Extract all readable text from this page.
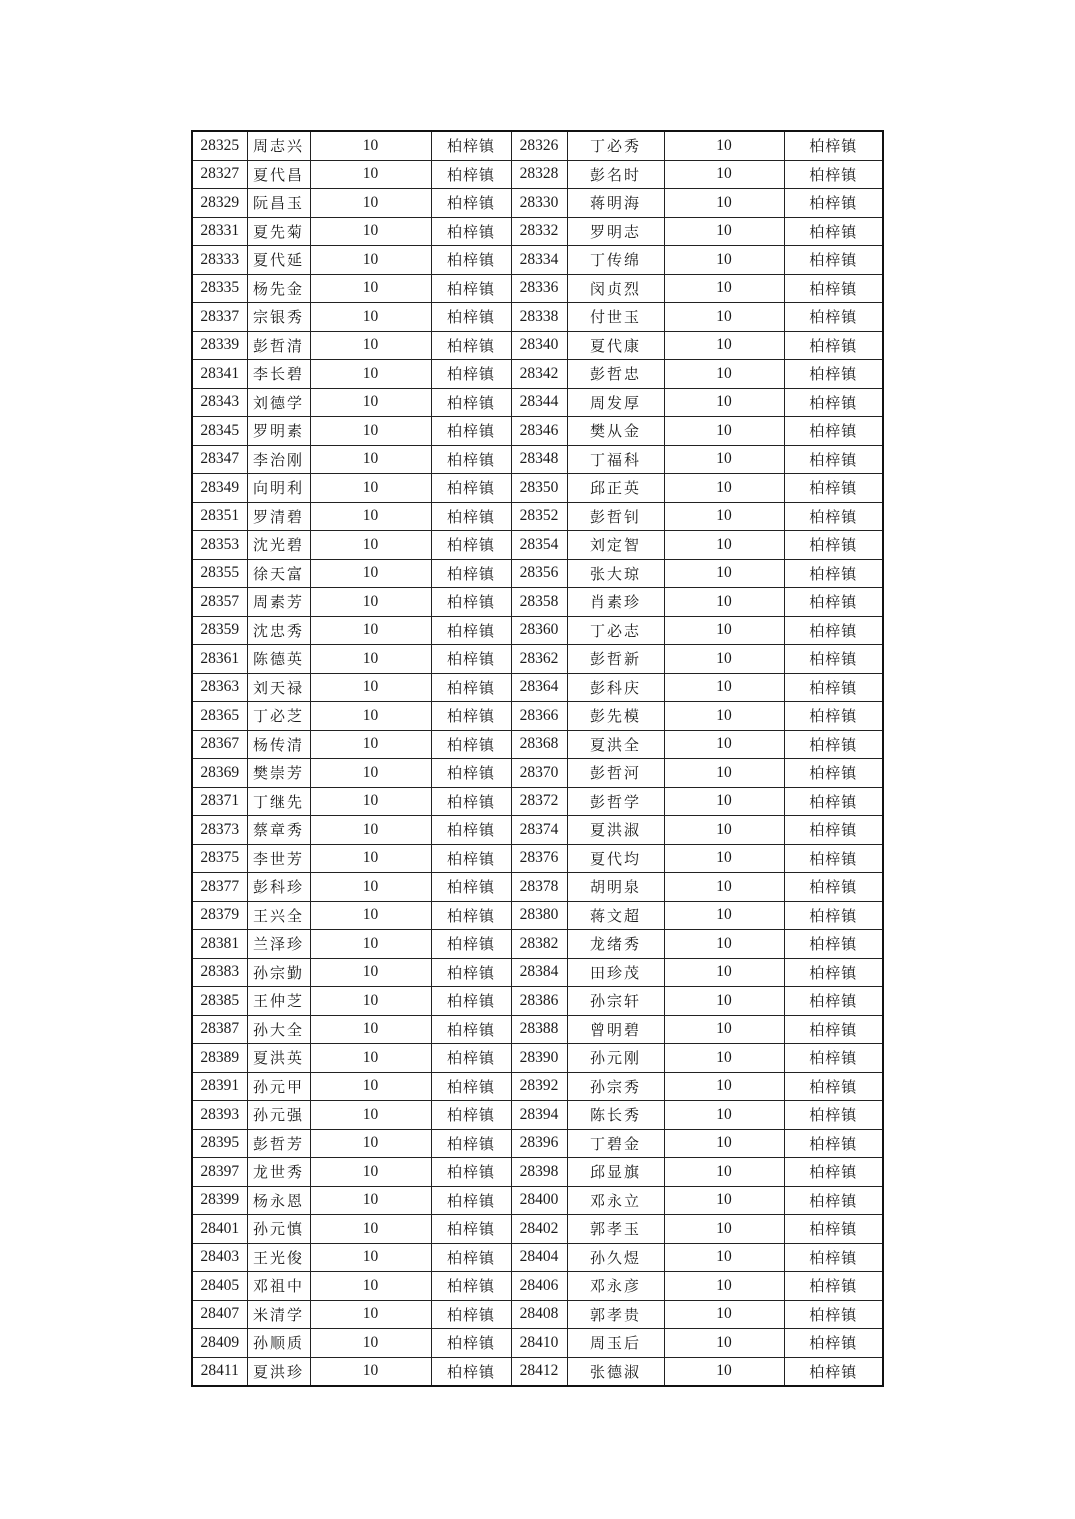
28325	周志兴	10	柏梓镇	28326	丁必秀	10	柏梓镇
28327	夏代昌	10	柏梓镇	28328	彭名时	10	柏梓镇
28329	阮昌玉	10	柏梓镇	28330	蒋明海	10	柏梓镇
28331	夏先菊	10	柏梓镇	28332	罗明志	10	柏梓镇
28333	夏代延	10	柏梓镇	28334	丁传绵	10	柏梓镇
28335	杨先金	10	柏梓镇	28336	闵贞烈	10	柏梓镇
28337	宗银秀	10	柏梓镇	28338	付世玉	10	柏梓镇
28339	彭哲清	10	柏梓镇	28340	夏代康	10	柏梓镇
28341	李长碧	10	柏梓镇	28342	彭哲忠	10	柏梓镇
28343	刘德学	10	柏梓镇	28344	周发厚	10	柏梓镇
28345	罗明素	10	柏梓镇	28346	樊从金	10	柏梓镇
28347	李治刚	10	柏梓镇	28348	丁福科	10	柏梓镇
28349	向明利	10	柏梓镇	28350	邱正英	10	柏梓镇
28351	罗清碧	10	柏梓镇	28352	彭哲钊	10	柏梓镇
28353	沈光碧	10	柏梓镇	28354	刘定智	10	柏梓镇
28355	徐天富	10	柏梓镇	28356	张大琼	10	柏梓镇
28357	周素芳	10	柏梓镇	28358	肖素珍	10	柏梓镇
28359	沈忠秀	10	柏梓镇	28360	丁必志	10	柏梓镇
28361	陈德英	10	柏梓镇	28362	彭哲新	10	柏梓镇
28363	刘天禄	10	柏梓镇	28364	彭科庆	10	柏梓镇
28365	丁必芝	10	柏梓镇	28366	彭先模	10	柏梓镇
28367	杨传清	10	柏梓镇	28368	夏洪全	10	柏梓镇
28369	樊崇芳	10	柏梓镇	28370	彭哲河	10	柏梓镇
28371	丁继先	10	柏梓镇	28372	彭哲学	10	柏梓镇
28373	蔡章秀	10	柏梓镇	28374	夏洪淑	10	柏梓镇
28375	李世芳	10	柏梓镇	28376	夏代均	10	柏梓镇
28377	彭科珍	10	柏梓镇	28378	胡明泉	10	柏梓镇
28379	王兴全	10	柏梓镇	28380	蒋文超	10	柏梓镇
28381	兰泽珍	10	柏梓镇	28382	龙绪秀	10	柏梓镇
28383	孙宗勤	10	柏梓镇	28384	田珍茂	10	柏梓镇
28385	王仲芝	10	柏梓镇	28386	孙宗轩	10	柏梓镇
28387	孙大全	10	柏梓镇	28388	曾明碧	10	柏梓镇
28389	夏洪英	10	柏梓镇	28390	孙元刚	10	柏梓镇
28391	孙元甲	10	柏梓镇	28392	孙宗秀	10	柏梓镇
28393	孙元强	10	柏梓镇	28394	陈长秀	10	柏梓镇
28395	彭哲芳	10	柏梓镇	28396	丁碧金	10	柏梓镇
28397	龙世秀	10	柏梓镇	28398	邱显旗	10	柏梓镇
28399	杨永恩	10	柏梓镇	28400	邓永立	10	柏梓镇
28401	孙元慎	10	柏梓镇	28402	郭孝玉	10	柏梓镇
28403	王光俊	10	柏梓镇	28404	孙久煜	10	柏梓镇
28405	邓祖中	10	柏梓镇	28406	邓永彦	10	柏梓镇
28407	米清学	10	柏梓镇	28408	郭孝贵	10	柏梓镇
28409	孙顺质	10	柏梓镇	28410	周玉后	10	柏梓镇
28411	夏洪珍	10	柏梓镇	28412	张德淑	10	柏梓镇
